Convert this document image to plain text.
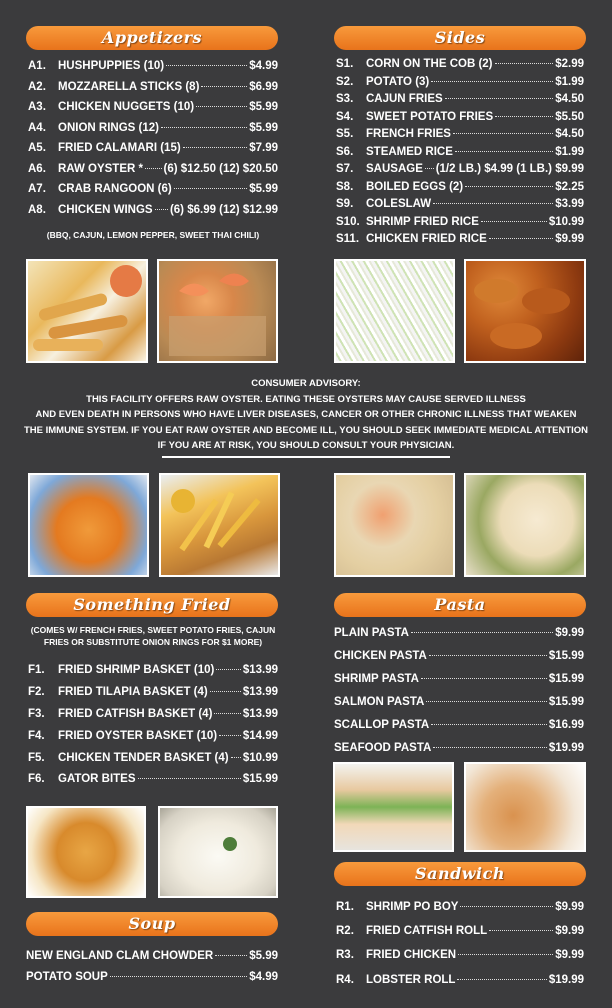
Appetizers
A1.	HUSHPUPPIES (10)	$4.99
A2.	MOZZARELLA STICKS (8)	$6.99
A3.	CHICKEN NUGGETS (10)	$5.99
A4.	ONION RINGS (12)	$5.99
A5.	FRIED CALAMARI (15)	$7.99
A6.	RAW OYSTER * (6) $12.50 (12) $20.50
A7.	CRAB RANGOON (6)	$5.99
A8.	CHICKEN WINGS (6) $6.99 (12) $12.99
(BBQ, CAJUN, LEMON PEPPER, SWEET THAI CHILI)
Sides
S1.	CORN ON THE COB (2)	$2.99
S2.	POTATO (3)	$1.99
S3.	CAJUN FRIES	$4.50
S4.	SWEET POTATO FRIES	$5.50
S5.	FRENCH FRIES	$4.50
S6.	STEAMED RICE	$1.99
S7.	SAUSAGE (1/2 LB.) $4.99 (1 LB.) $9.99
S8.	BOILED EGGS (2)	$2.25
S9.	COLESLAW	$3.99
S10. SHRIMP FRIED RICE	$10.99
S11. CHICKEN FRIED RICE	$9.99
CONSUMER ADVISORY:
THIS FACILITY OFFERS RAW OYSTER. EATING THESE OYSTERS MAY CAUSE SERVED ILLNESS
AND EVEN DEATH IN PERSONS WHO HAVE LIVER DISEASES, CANCER OR OTHER CHRONIC ILLNESS THAT WEAKEN
THE IMMUNE SYSTEM. IF YOU EAT RAW OYSTER AND BECOME ILL, YOU SHOULD SEEK IMMEDIATE MEDICAL ATTENTION
IF YOU ARE AT RISK, YOU SHOULD CONSULT YOUR PHYSICIAN.
Something Fried
(COMES W/ FRENCH FRIES, SWEET POTATO FRIES, CAJUN FRIES OR SUBSTITUTE ONION RINGS FOR $1 MORE)
F1.	FRIED SHRIMP BASKET (10) $13.99
F2.	FRIED TILAPIA BASKET (4)	$13.99
F3.	FRIED CATFISH BASKET (4)	$13.99
F4.	FRIED OYSTER BASKET (10) $14.99
F5.	CHICKEN TENDER BASKET (4) $10.99
F6.	GATOR BITES	$15.99
Pasta
PLAIN PASTA	$9.99
CHICKEN PASTA	$15.99
SHRIMP PASTA	$15.99
SALMON PASTA	$15.99
SCALLOP PASTA	$16.99
SEAFOOD PASTA	$19.99
Soup
NEW ENGLAND CLAM CHOWDER	$5.99
POTATO SOUP	$4.99
Sandwich
R1.	SHRIMP PO BOY	$9.99
R2.	FRIED CATFISH ROLL	$9.99
R3.	FRIED CHICKEN	$9.99
R4.	LOBSTER ROLL	$19.99
